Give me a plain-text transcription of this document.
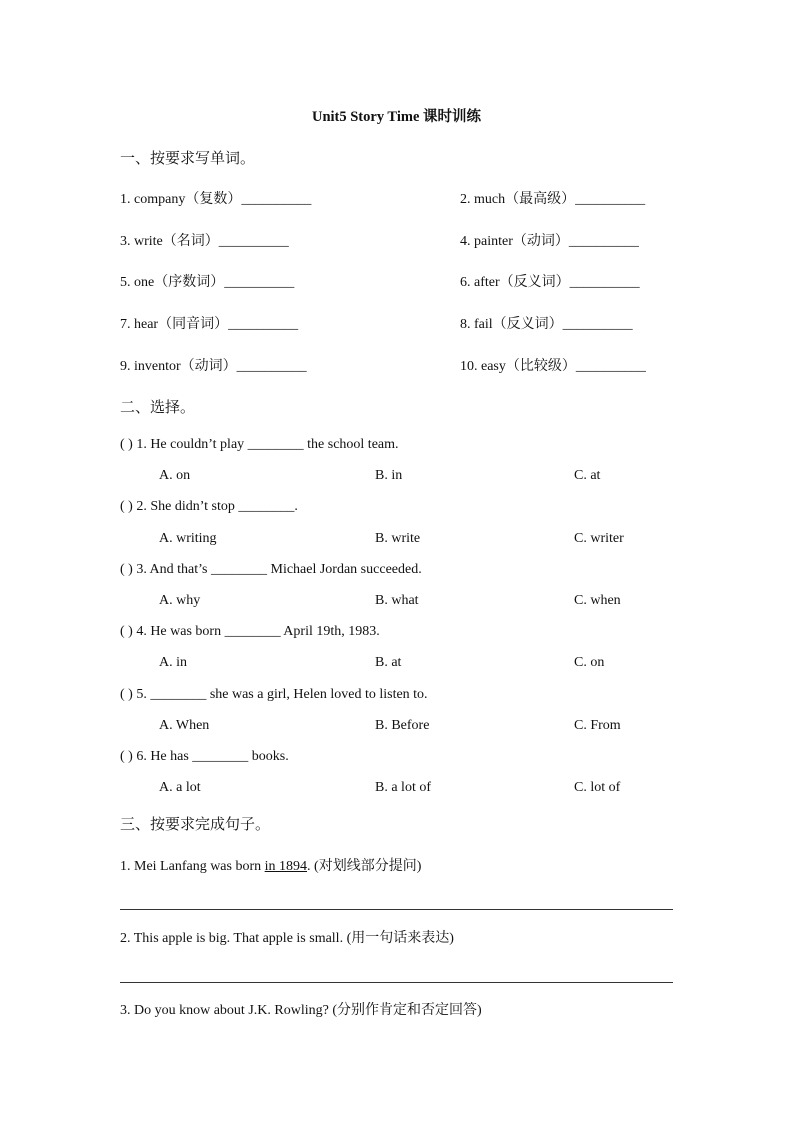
Unit5 Story Time 课时训练
一、按要求写单词。
1. company（复数）__________	2. much（最高级）__________
3. write（名词）__________	4. painter（动词）__________
5. one（序数词）__________	6. after（反义词）__________
7. hear（同音词）__________	8. fail（反义词）__________
9. inventor（动词）__________	10. easy（比较级）__________
二、选择。
( ) 1. He couldn’t play ________ the school team.
A. on	B. in	C. at
( ) 2. She didn’t stop ________.
A. writing	B. write	C. writer
( ) 3. And that’s ________ Michael Jordan succeeded.
A. why	B. what	C. when
( ) 4. He was born ________ April 19th, 1983.
A. in	B. at	C. on
( ) 5. ________ she was a girl, Helen loved to listen to.
A. When	B. Before	C. From
( ) 6. He has ________ books.
A. a lot	B. a lot of	C. lot of
三、按要求完成句子。
1. Mei Lanfang was born in 1894. (对划线部分提问)
2. This apple is big. That apple is small. (用一句话来表达)
3. Do you know about J.K. Rowling? (分别作肯定和否定回答)
